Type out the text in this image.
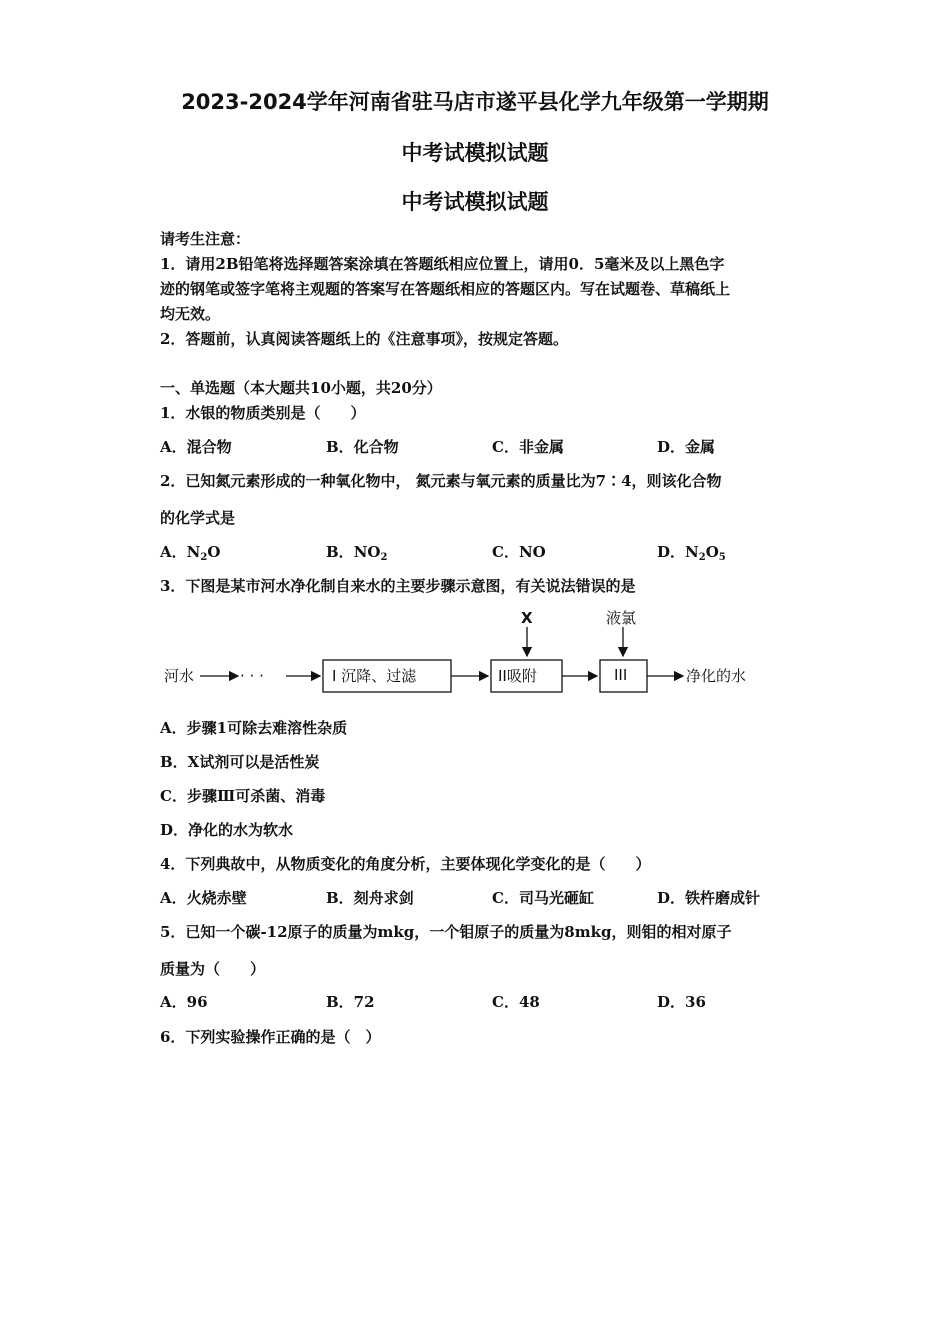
2023-2024学年河南省驻马店市遂平县化学九年级第一学期期
中考试模拟试题
中考试模拟试题
请考生注意：
1．请用2B铅笔将选择题答案涂填在答题纸相应位置上，请用0．5毫米及以上黑色字
迹的钢笔或签字笔将主观题的答案写在答题纸相应的答题区内。写在试题卷、草稿纸上
均无效。
2．答题前，认真阅读答题纸上的《注意事项》，按规定答题。
一、单选题（本大题共10小题，共20分）
1．水银的物质类别是（　　）
A．混合物	B．化合物	C．非金属	D．金属
2．已知氮元素形成的一种氧化物中， 氮元素与氧元素的质量比为7∶4，则该化合物
的化学式是
A．$N_2O$	B．$NO_2$	C．NO	D．$N_2O_5$
3．下图是某市河水净化制自来水的主要步骤示意图，有关说法错误的是
河水	· · ·	I 沉降、过滤	II吸附	III	净化的水
X	液氯
A．步骤1可除去难溶性杂质
B．X试剂可以是活性炭
C．步骤Ⅲ可杀菌、消毒
D．净化的水为软水
4．下列典故中，从物质变化的角度分析，主要体现化学变化的是（　　）
A．火烧赤壁	B．刻舟求剑	C．司马光砸缸	D．铁杵磨成针
5．已知一个碳-12原子的质量为mkg，一个钼原子的质量为8mkg，则钼的相对原子
质量为（　　）
A．96	B．72	C．48	D．36
6．下列实验操作正确的是（　）
